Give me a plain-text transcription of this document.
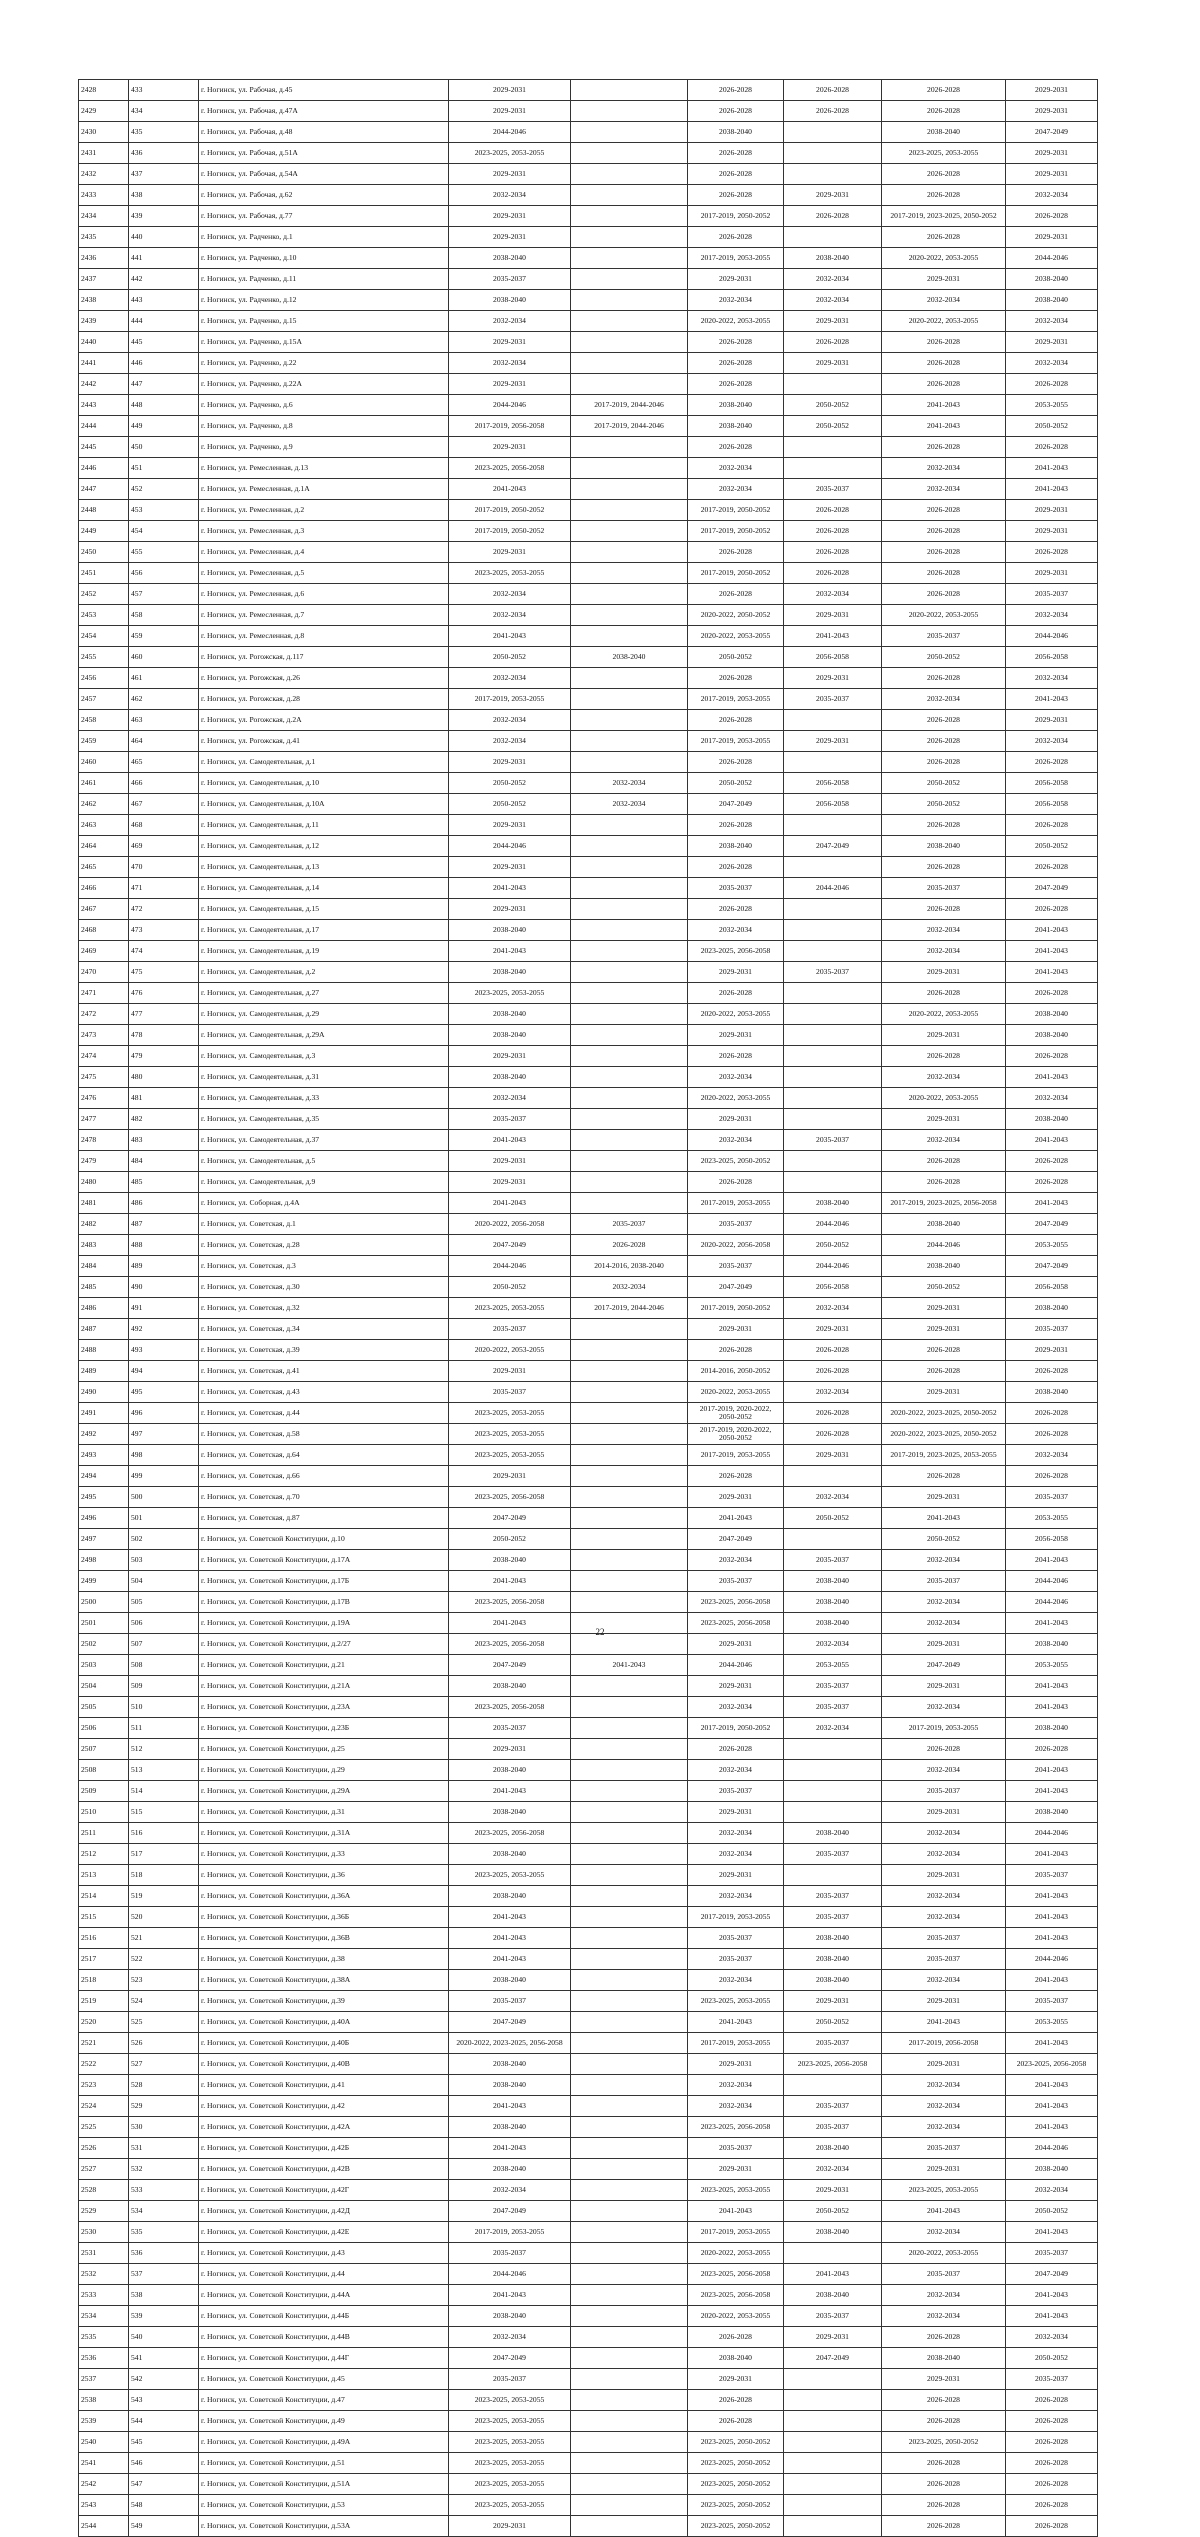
2428	433	г. Ногинск, ул. Рабочая, д.45	2029-2031		2026-2028	2026-2028	2026-2028	2029-2031
2429	434	г. Ногинск, ул. Рабочая, д.47А	2029-2031		2026-2028	2026-2028	2026-2028	2029-2031
2430	435	г. Ногинск, ул. Рабочая, д.48	2044-2046		2038-2040		2038-2040	2047-2049
2431	436	г. Ногинск, ул. Рабочая, д.51А	2023-2025, 2053-2055		2026-2028		2023-2025, 2053-2055	2029-2031
2432	437	г. Ногинск, ул. Рабочая, д.54А	2029-2031		2026-2028		2026-2028	2029-2031
2433	438	г. Ногинск, ул. Рабочая, д.62	2032-2034		2026-2028	2029-2031	2026-2028	2032-2034
2434	439	г. Ногинск, ул. Рабочая, д.77	2029-2031		2017-2019, 2050-2052	2026-2028	2017-2019, 2023-2025, 2050-2052	2026-2028
2435	440	г. Ногинск, ул. Радченко, д.1	2029-2031		2026-2028		2026-2028	2029-2031
2436	441	г. Ногинск, ул. Радченко, д.10	2038-2040		2017-2019, 2053-2055	2038-2040	2020-2022, 2053-2055	2044-2046
2437	442	г. Ногинск, ул. Радченко, д.11	2035-2037		2029-2031	2032-2034	2029-2031	2038-2040
2438	443	г. Ногинск, ул. Радченко, д.12	2038-2040		2032-2034	2032-2034	2032-2034	2038-2040
2439	444	г. Ногинск, ул. Радченко, д.15	2032-2034		2020-2022, 2053-2055	2029-2031	2020-2022, 2053-2055	2032-2034
2440	445	г. Ногинск, ул. Радченко, д.15А	2029-2031		2026-2028	2026-2028	2026-2028	2029-2031
2441	446	г. Ногинск, ул. Радченко, д.22	2032-2034		2026-2028	2029-2031	2026-2028	2032-2034
2442	447	г. Ногинск, ул. Радченко, д.22А	2029-2031		2026-2028		2026-2028	2026-2028
2443	448	г. Ногинск, ул. Радченко, д.6	2044-2046	2017-2019, 2044-2046	2038-2040	2050-2052	2041-2043	2053-2055
2444	449	г. Ногинск, ул. Радченко, д.8	2017-2019, 2056-2058	2017-2019, 2044-2046	2038-2040	2050-2052	2041-2043	2050-2052
2445	450	г. Ногинск, ул. Радченко, д.9	2029-2031		2026-2028		2026-2028	2026-2028
2446	451	г. Ногинск, ул. Ремесленная, д.13	2023-2025, 2056-2058		2032-2034		2032-2034	2041-2043
2447	452	г. Ногинск, ул. Ремесленная, д.1А	2041-2043		2032-2034	2035-2037	2032-2034	2041-2043
2448	453	г. Ногинск, ул. Ремесленная, д.2	2017-2019, 2050-2052		2017-2019, 2050-2052	2026-2028	2026-2028	2029-2031
2449	454	г. Ногинск, ул. Ремесленная, д.3	2017-2019, 2050-2052		2017-2019, 2050-2052	2026-2028	2026-2028	2029-2031
2450	455	г. Ногинск, ул. Ремесленная, д.4	2029-2031		2026-2028	2026-2028	2026-2028	2026-2028
2451	456	г. Ногинск, ул. Ремесленная, д.5	2023-2025, 2053-2055		2017-2019, 2050-2052	2026-2028	2026-2028	2029-2031
2452	457	г. Ногинск, ул. Ремесленная, д.6	2032-2034		2026-2028	2032-2034	2026-2028	2035-2037
2453	458	г. Ногинск, ул. Ремесленная, д.7	2032-2034		2020-2022, 2050-2052	2029-2031	2020-2022, 2053-2055	2032-2034
2454	459	г. Ногинск, ул. Ремесленная, д.8	2041-2043		2020-2022, 2053-2055	2041-2043	2035-2037	2044-2046
2455	460	г. Ногинск, ул. Рогожская, д.117	2050-2052	2038-2040	2050-2052	2056-2058	2050-2052	2056-2058
2456	461	г. Ногинск, ул. Рогожская, д.26	2032-2034		2026-2028	2029-2031	2026-2028	2032-2034
2457	462	г. Ногинск, ул. Рогожская, д.28	2017-2019, 2053-2055		2017-2019, 2053-2055	2035-2037	2032-2034	2041-2043
2458	463	г. Ногинск, ул. Рогожская, д.2А	2032-2034		2026-2028		2026-2028	2029-2031
2459	464	г. Ногинск, ул. Рогожская, д.41	2032-2034		2017-2019, 2053-2055	2029-2031	2026-2028	2032-2034
2460	465	г. Ногинск, ул. Самодеятельная, д.1	2029-2031		2026-2028		2026-2028	2026-2028
2461	466	г. Ногинск, ул. Самодеятельная, д.10	2050-2052	2032-2034	2050-2052	2056-2058	2050-2052	2056-2058
2462	467	г. Ногинск, ул. Самодеятельная, д.10А	2050-2052	2032-2034	2047-2049	2056-2058	2050-2052	2056-2058
2463	468	г. Ногинск, ул. Самодеятельная, д.11	2029-2031		2026-2028		2026-2028	2026-2028
2464	469	г. Ногинск, ул. Самодеятельная, д.12	2044-2046		2038-2040	2047-2049	2038-2040	2050-2052
2465	470	г. Ногинск, ул. Самодеятельная, д.13	2029-2031		2026-2028		2026-2028	2026-2028
2466	471	г. Ногинск, ул. Самодеятельная, д.14	2041-2043		2035-2037	2044-2046	2035-2037	2047-2049
2467	472	г. Ногинск, ул. Самодеятельная, д.15	2029-2031		2026-2028		2026-2028	2026-2028
2468	473	г. Ногинск, ул. Самодеятельная, д.17	2038-2040		2032-2034		2032-2034	2041-2043
2469	474	г. Ногинск, ул. Самодеятельная, д.19	2041-2043		2023-2025, 2056-2058		2032-2034	2041-2043
2470	475	г. Ногинск, ул. Самодеятельная, д.2	2038-2040		2029-2031	2035-2037	2029-2031	2041-2043
2471	476	г. Ногинск, ул. Самодеятельная, д.27	2023-2025, 2053-2055		2026-2028		2026-2028	2026-2028
2472	477	г. Ногинск, ул. Самодеятельная, д.29	2038-2040		2020-2022, 2053-2055		2020-2022, 2053-2055	2038-2040
2473	478	г. Ногинск, ул. Самодеятельная, д.29А	2038-2040		2029-2031		2029-2031	2038-2040
2474	479	г. Ногинск, ул. Самодеятельная, д.3	2029-2031		2026-2028		2026-2028	2026-2028
2475	480	г. Ногинск, ул. Самодеятельная, д.31	2038-2040		2032-2034		2032-2034	2041-2043
2476	481	г. Ногинск, ул. Самодеятельная, д.33	2032-2034		2020-2022, 2053-2055		2020-2022, 2053-2055	2032-2034
2477	482	г. Ногинск, ул. Самодеятельная, д.35	2035-2037		2029-2031		2029-2031	2038-2040
2478	483	г. Ногинск, ул. Самодеятельная, д.37	2041-2043		2032-2034	2035-2037	2032-2034	2041-2043
2479	484	г. Ногинск, ул. Самодеятельная, д.5	2029-2031		2023-2025, 2050-2052		2026-2028	2026-2028
2480	485	г. Ногинск, ул. Самодеятельная, д.9	2029-2031		2026-2028		2026-2028	2026-2028
2481	486	г. Ногинск, ул. Соборная, д.4А	2041-2043		2017-2019, 2053-2055	2038-2040	2017-2019, 2023-2025, 2056-2058	2041-2043
2482	487	г. Ногинск, ул. Советская, д.1	2020-2022, 2056-2058	2035-2037	2035-2037	2044-2046	2038-2040	2047-2049
2483	488	г. Ногинск, ул. Советская, д.28	2047-2049	2026-2028	2020-2022, 2056-2058	2050-2052	2044-2046	2053-2055
2484	489	г. Ногинск, ул. Советская, д.3	2044-2046	2014-2016, 2038-2040	2035-2037	2044-2046	2038-2040	2047-2049
2485	490	г. Ногинск, ул. Советская, д.30	2050-2052	2032-2034	2047-2049	2056-2058	2050-2052	2056-2058
2486	491	г. Ногинск, ул. Советская, д.32	2023-2025, 2053-2055	2017-2019, 2044-2046	2017-2019, 2050-2052	2032-2034	2029-2031	2038-2040
2487	492	г. Ногинск, ул. Советская, д.34	2035-2037		2029-2031	2029-2031	2029-2031	2035-2037
2488	493	г. Ногинск, ул. Советская, д.39	2020-2022, 2053-2055		2026-2028	2026-2028	2026-2028	2029-2031
2489	494	г. Ногинск, ул. Советская, д.41	2029-2031		2014-2016, 2050-2052	2026-2028	2026-2028	2026-2028
2490	495	г. Ногинск, ул. Советская, д.43	2035-2037		2020-2022, 2053-2055	2032-2034	2029-2031	2038-2040
2491	496	г. Ногинск, ул. Советская, д.44	2023-2025, 2053-2055		2017-2019, 2020-2022, 2050-2052	2026-2028	2020-2022, 2023-2025, 2050-2052	2026-2028
2492	497	г. Ногинск, ул. Советская, д.58	2023-2025, 2053-2055		2017-2019, 2020-2022, 2050-2052	2026-2028	2020-2022, 2023-2025, 2050-2052	2026-2028
2493	498	г. Ногинск, ул. Советская, д.64	2023-2025, 2053-2055		2017-2019, 2053-2055	2029-2031	2017-2019, 2023-2025, 2053-2055	2032-2034
2494	499	г. Ногинск, ул. Советская, д.66	2029-2031		2026-2028		2026-2028	2026-2028
2495	500	г. Ногинск, ул. Советская, д.70	2023-2025, 2056-2058		2029-2031	2032-2034	2029-2031	2035-2037
2496	501	г. Ногинск, ул. Советская, д.87	2047-2049		2041-2043	2050-2052	2041-2043	2053-2055
2497	502	г. Ногинск, ул. Советской Конституции, д.10	2050-2052		2047-2049		2050-2052	2056-2058
2498	503	г. Ногинск, ул. Советской Конституции, д.17А	2038-2040		2032-2034	2035-2037	2032-2034	2041-2043
2499	504	г. Ногинск, ул. Советской Конституции, д.17Б	2041-2043		2035-2037	2038-2040	2035-2037	2044-2046
2500	505	г. Ногинск, ул. Советской Конституции, д.17В	2023-2025, 2056-2058		2023-2025, 2056-2058	2038-2040	2032-2034	2044-2046
2501	506	г. Ногинск, ул. Советской Конституции, д.19А	2041-2043		2023-2025, 2056-2058	2038-2040	2032-2034	2041-2043
2502	507	г. Ногинск, ул. Советской Конституции, д.2/27	2023-2025, 2056-2058		2029-2031	2032-2034	2029-2031	2038-2040
2503	508	г. Ногинск, ул. Советской Конституции, д.21	2047-2049	2041-2043	2044-2046	2053-2055	2047-2049	2053-2055
2504	509	г. Ногинск, ул. Советской Конституции, д.21А	2038-2040		2029-2031	2035-2037	2029-2031	2041-2043
2505	510	г. Ногинск, ул. Советской Конституции, д.23А	2023-2025, 2056-2058		2032-2034	2035-2037	2032-2034	2041-2043
2506	511	г. Ногинск, ул. Советской Конституции, д.23Б	2035-2037		2017-2019, 2050-2052	2032-2034	2017-2019, 2053-2055	2038-2040
2507	512	г. Ногинск, ул. Советской Конституции, д.25	2029-2031		2026-2028		2026-2028	2026-2028
2508	513	г. Ногинск, ул. Советской Конституции, д.29	2038-2040		2032-2034		2032-2034	2041-2043
2509	514	г. Ногинск, ул. Советской Конституции, д.29А	2041-2043		2035-2037		2035-2037	2041-2043
2510	515	г. Ногинск, ул. Советской Конституции, д.31	2038-2040		2029-2031		2029-2031	2038-2040
2511	516	г. Ногинск, ул. Советской Конституции, д.31А	2023-2025, 2056-2058		2032-2034	2038-2040	2032-2034	2044-2046
2512	517	г. Ногинск, ул. Советской Конституции, д.33	2038-2040		2032-2034	2035-2037	2032-2034	2041-2043
2513	518	г. Ногинск, ул. Советской Конституции, д.36	2023-2025, 2053-2055		2029-2031		2029-2031	2035-2037
2514	519	г. Ногинск, ул. Советской Конституции, д.36А	2038-2040		2032-2034	2035-2037	2032-2034	2041-2043
2515	520	г. Ногинск, ул. Советской Конституции, д.36Б	2041-2043		2017-2019, 2053-2055	2035-2037	2032-2034	2041-2043
2516	521	г. Ногинск, ул. Советской Конституции, д.36В	2041-2043		2035-2037	2038-2040	2035-2037	2041-2043
2517	522	г. Ногинск, ул. Советской Конституции, д.38	2041-2043		2035-2037	2038-2040	2035-2037	2044-2046
2518	523	г. Ногинск, ул. Советской Конституции, д.38А	2038-2040		2032-2034	2038-2040	2032-2034	2041-2043
2519	524	г. Ногинск, ул. Советской Конституции, д.39	2035-2037		2023-2025, 2053-2055	2029-2031	2029-2031	2035-2037
2520	525	г. Ногинск, ул. Советской Конституции, д.40А	2047-2049		2041-2043	2050-2052	2041-2043	2053-2055
2521	526	г. Ногинск, ул. Советской Конституции, д.40Б	2020-2022, 2023-2025, 2056-2058		2017-2019, 2053-2055	2035-2037	2017-2019, 2056-2058	2041-2043
2522	527	г. Ногинск, ул. Советской Конституции, д.40В	2038-2040		2029-2031	2023-2025, 2056-2058	2029-2031	2023-2025, 2056-2058
2523	528	г. Ногинск, ул. Советской Конституции, д.41	2038-2040		2032-2034		2032-2034	2041-2043
2524	529	г. Ногинск, ул. Советской Конституции, д.42	2041-2043		2032-2034	2035-2037	2032-2034	2041-2043
2525	530	г. Ногинск, ул. Советской Конституции, д.42А	2038-2040		2023-2025, 2056-2058	2035-2037	2032-2034	2041-2043
2526	531	г. Ногинск, ул. Советской Конституции, д.42Б	2041-2043		2035-2037	2038-2040	2035-2037	2044-2046
2527	532	г. Ногинск, ул. Советской Конституции, д.42В	2038-2040		2029-2031	2032-2034	2029-2031	2038-2040
2528	533	г. Ногинск, ул. Советской Конституции, д.42Г	2032-2034		2023-2025, 2053-2055	2029-2031	2023-2025, 2053-2055	2032-2034
2529	534	г. Ногинск, ул. Советской Конституции, д.42Д	2047-2049		2041-2043	2050-2052	2041-2043	2050-2052
2530	535	г. Ногинск, ул. Советской Конституции, д.42Е	2017-2019, 2053-2055		2017-2019, 2053-2055	2038-2040	2032-2034	2041-2043
2531	536	г. Ногинск, ул. Советской Конституции, д.43	2035-2037		2020-2022, 2053-2055		2020-2022, 2053-2055	2035-2037
2532	537	г. Ногинск, ул. Советской Конституции, д.44	2044-2046		2023-2025, 2056-2058	2041-2043	2035-2037	2047-2049
2533	538	г. Ногинск, ул. Советской Конституции, д.44А	2041-2043		2023-2025, 2056-2058	2038-2040	2032-2034	2041-2043
2534	539	г. Ногинск, ул. Советской Конституции, д.44Б	2038-2040		2020-2022, 2053-2055	2035-2037	2032-2034	2041-2043
2535	540	г. Ногинск, ул. Советской Конституции, д.44В	2032-2034		2026-2028	2029-2031	2026-2028	2032-2034
2536	541	г. Ногинск, ул. Советской Конституции, д.44Г	2047-2049		2038-2040	2047-2049	2038-2040	2050-2052
2537	542	г. Ногинск, ул. Советской Конституции, д.45	2035-2037		2029-2031		2029-2031	2035-2037
2538	543	г. Ногинск, ул. Советской Конституции, д.47	2023-2025, 2053-2055		2026-2028		2026-2028	2026-2028
2539	544	г. Ногинск, ул. Советской Конституции, д.49	2023-2025, 2053-2055		2026-2028		2026-2028	2026-2028
2540	545	г. Ногинск, ул. Советской Конституции, д.49А	2023-2025, 2053-2055		2023-2025, 2050-2052		2023-2025, 2050-2052	2026-2028
2541	546	г. Ногинск, ул. Советской Конституции, д.51	2023-2025, 2053-2055		2023-2025, 2050-2052		2026-2028	2026-2028
2542	547	г. Ногинск, ул. Советской Конституции, д.51А	2023-2025, 2053-2055		2023-2025, 2050-2052		2026-2028	2026-2028
2543	548	г. Ногинск, ул. Советской Конституции, д.53	2023-2025, 2053-2055		2023-2025, 2050-2052		2026-2028	2026-2028
2544	549	г. Ногинск, ул. Советской Конституции, д.53А	2029-2031		2023-2025, 2050-2052		2026-2028	2026-2028
22
